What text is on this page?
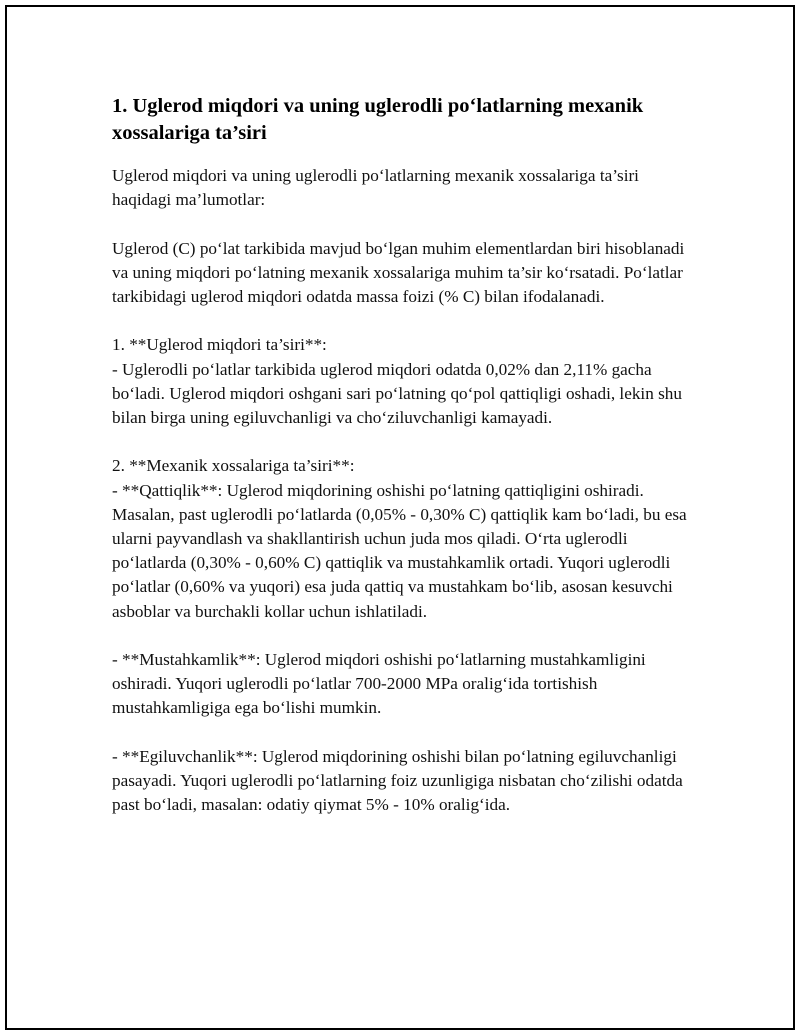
1. Uglerod miqdori va uning uglerodli po‘latlarning mexanik xossalariga ta’siri

Uglerod miqdori va uning uglerodli po‘latlarning mexanik xossalariga ta’siri haqidagi ma’lumotlar:

Uglerod (C) po‘lat tarkibida mavjud bo‘lgan muhim elementlardan biri hisoblanadi va uning miqdori po‘latning mexanik xossalariga muhim ta’sir ko‘rsatadi. Po‘latlar tarkibidagi uglerod miqdori odatda massa foizi (% C) bilan ifodalanadi.

1. **Uglerod miqdori ta’siri**:

- Uglerodli po‘latlar tarkibida uglerod miqdori odatda 0,02% dan 2,11% gacha bo‘ladi. Uglerod miqdori oshgani sari po‘latning qo‘pol qattiqligi oshadi, lekin shu bilan birga uning egiluvchanligi va cho‘ziluvchanligi kamayadi.

2. **Mexanik xossalariga ta’siri**:

- **Qattiqlik**: Uglerod miqdorining oshishi po‘latning qattiqligini oshiradi. Masalan, past uglerodli po‘latlarda (0,05% - 0,30% C) qattiqlik kam bo‘ladi, bu esa ularni payvandlash va shakllantirish uchun juda mos qiladi. O‘rta uglerodli po‘latlarda (0,30% - 0,60% C) qattiqlik va mustahkamlik ortadi. Yuqori uglerodli po‘latlar (0,60% va yuqori) esa juda qattiq va mustahkam bo‘lib, asosan kesuvchi asboblar va burchakli kollar uchun ishlatiladi.

- **Mustahkamlik**: Uglerod miqdori oshishi po‘latlarning mustahkamligini oshiradi. Yuqori uglerodli po‘latlar 700-2000 MPa oralig‘ida tortishish mustahkamligiga ega bo‘lishi mumkin.

- **Egiluvchanlik**: Uglerod miqdorining oshishi bilan po‘latning egiluvchanligi pasayadi. Yuqori uglerodli po‘latlarning foiz uzunligiga nisbatan cho‘zilishi odatda past bo‘ladi, masalan: odatiy qiymat 5% - 10% oralig‘ida.
